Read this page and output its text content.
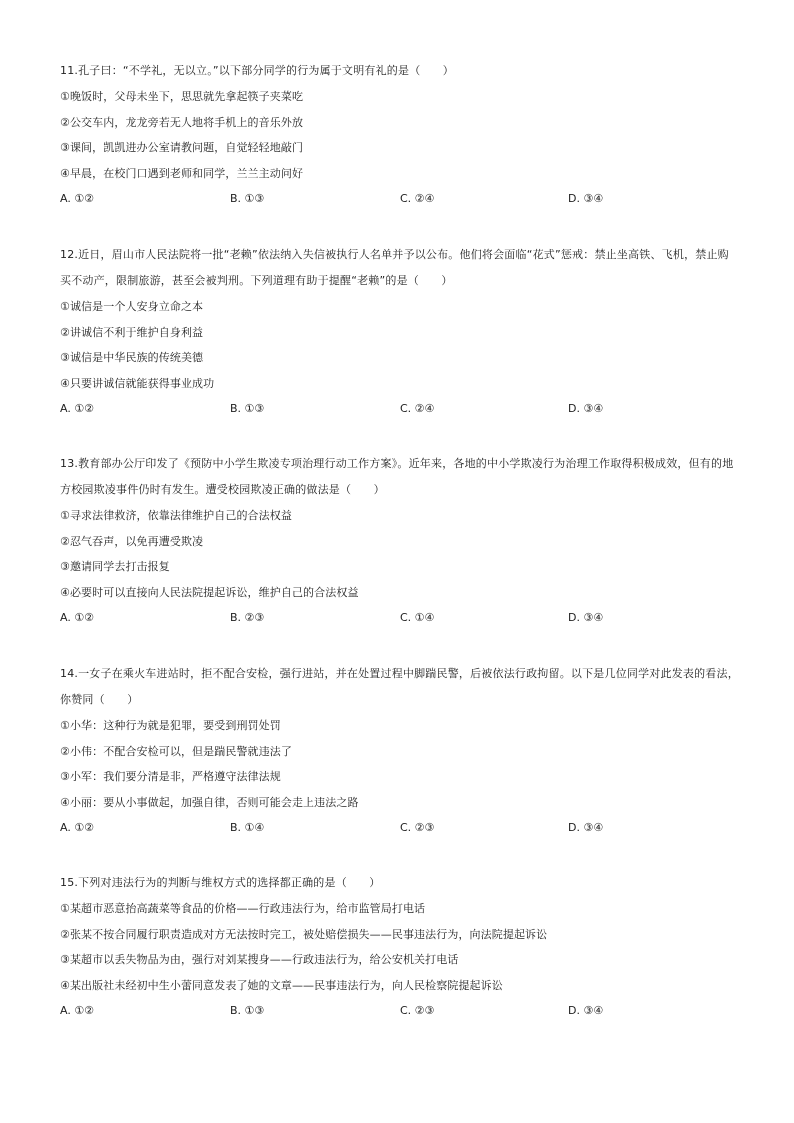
11.孔子曰：“不学礼，无以立。”以下部分同学的行为属于文明有礼的是（　　）
①晚饭时，父母未坐下，思思就先拿起筷子夹菜吃
②公交车内，龙龙旁若无人地将手机上的音乐外放
③课间，凯凯进办公室请教问题，自觉轻轻地敲门
④早晨，在校门口遇到老师和同学，兰兰主动问好
A. ①②	B. ①③	C. ②④	D. ③④
12.近日，眉山市人民法院将一批“老赖”依法纳入失信被执行人名单并予以公布。他们将会面临“花式”惩戒：禁止坐高铁、飞机，禁止购买不动产，限制旅游，甚至会被判刑。下列道理有助于提醒“老赖”的是（　　）
①诚信是一个人安身立命之本
②讲诚信不利于维护自身利益
③诚信是中华民族的传统美德
④只要讲诚信就能获得事业成功
A. ①②	B. ①③	C. ②④	D. ③④
13.教育部办公厅印发了《预防中小学生欺凌专项治理行动工作方案》。近年来，各地的中小学欺凌行为治理工作取得积极成效，但有的地方校园欺凌事件仍时有发生。遭受校园欺凌正确的做法是（　　）
①寻求法律救济，依靠法律维护自己的合法权益
②忍气吞声，以免再遭受欺凌
③邀请同学去打击报复
④必要时可以直接向人民法院提起诉讼，维护自己的合法权益
A. ①②	B. ②③	C. ①④	D. ③④
14.一女子在乘火车进站时，拒不配合安检，强行进站，并在处置过程中脚踹民警，后被依法行政拘留。以下是几位同学对此发表的看法，你赞同（　　）
①小华：这种行为就是犯罪，要受到刑罚处罚
②小伟：不配合安检可以，但是踹民警就违法了
③小军：我们要分清是非，严格遵守法律法规
④小丽：要从小事做起，加强自律，否则可能会走上违法之路
A. ①②	B. ①④	C. ②③	D. ③④
15.下列对违法行为的判断与维权方式的选择都正确的是（　　）
①某超市恶意抬高蔬菜等食品的价格——行政违法行为，给市监管局打电话
②张某不按合同履行职责造成对方无法按时完工，被处赔偿损失——民事违法行为，向法院提起诉讼
③某超市以丢失物品为由，强行对刘某搜身——行政违法行为，给公安机关打电话
④某出版社未经初中生小蕾同意发表了她的文章——民事违法行为，向人民检察院提起诉讼
A. ①②	B. ①③	C. ②③	D. ③④
